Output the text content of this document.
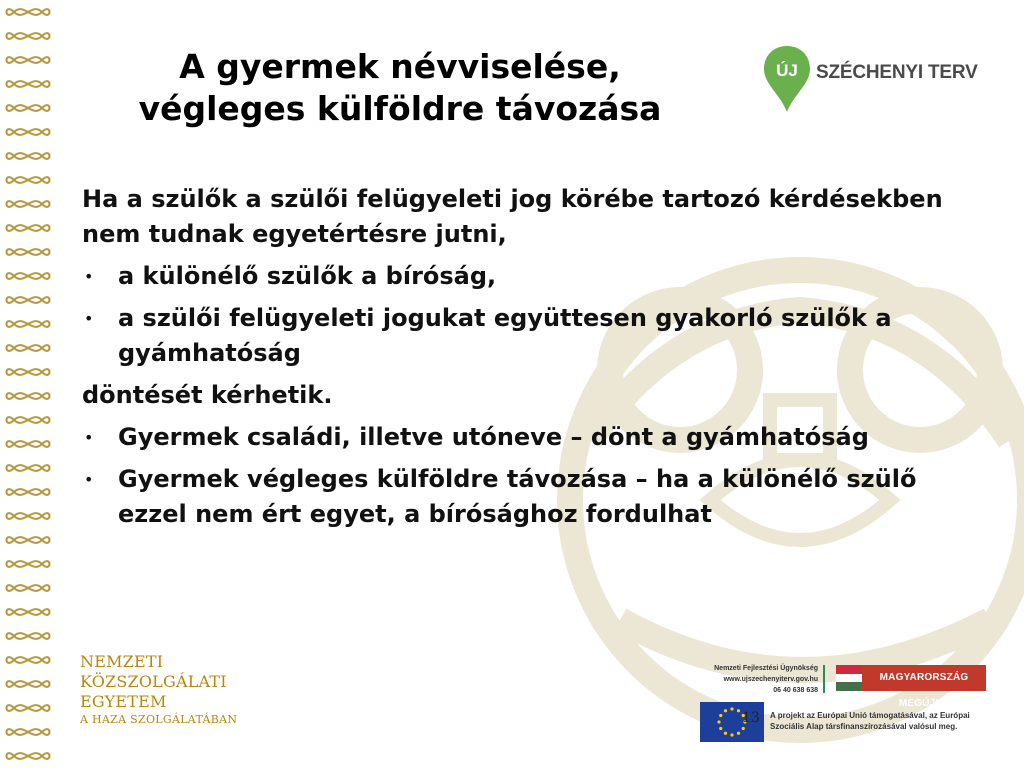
A gyermek névviselése,
végleges külföldre távozása
ÚJ SZÉCHENYI TERV

Ha a szülők a szülői felügyeleti jog körébe tartozó kérdésekben nem tudnak egyetértésre jutni,

• a különélő szülők a bíróság,
• a szülői felügyeleti jogukat együttesen gyakorló szülők a gyámhatóság

döntését kérhetik.

• Gyermek családi, illetve utóneve – dönt a gyámhatóság
• Gyermek végleges külföldre távozása – ha a különélő szülő ezzel nem ért egyet, a bírósághoz fordulhat
NEMZETI
KÖZSZOLGÁLATI
EGYETEM
A HAZA SZOLGÁLATÁBAN
Nemzeti Fejlesztési Ügynökség
www.ujszechenyiterv.gov.hu
06 40 638 638
MAGYARORSZÁG MEGÚJUL
13 A projekt az Európai Unió támogatásával, az Európai Szociális Alap társfinanszírozásával valósul meg.
